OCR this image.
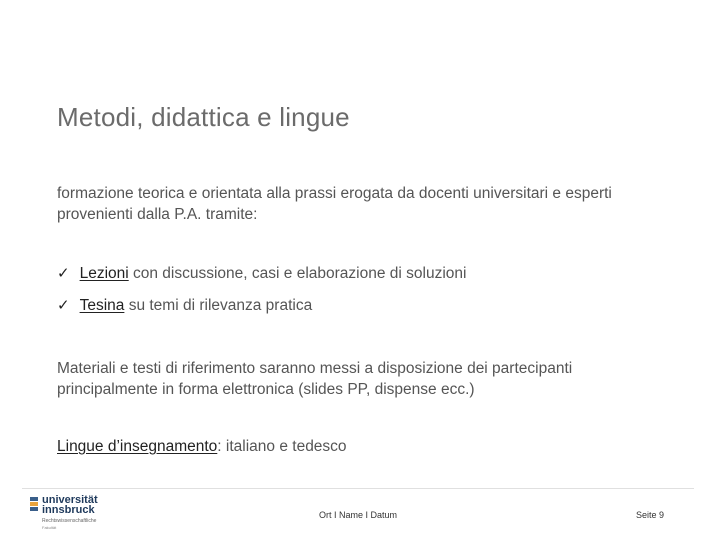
Metodi, didattica e lingue
formazione teorica e orientata alla prassi erogata da docenti universitari e esperti provenienti dalla P.A. tramite:
✓ Lezioni con discussione, casi e elaborazione di soluzioni
✓ Tesina su temi di rilevanza pratica
Materiali e testi di riferimento saranno messi a disposizione dei partecipanti principalmente in forma elettronica (slides PP, dispense ecc.)
Lingue d’insegnamento: italiano e tedesco
universität
innsbruck
Rechtswissenschaftliche
Fakultät
Ort I Name I Datum	Seite 9
